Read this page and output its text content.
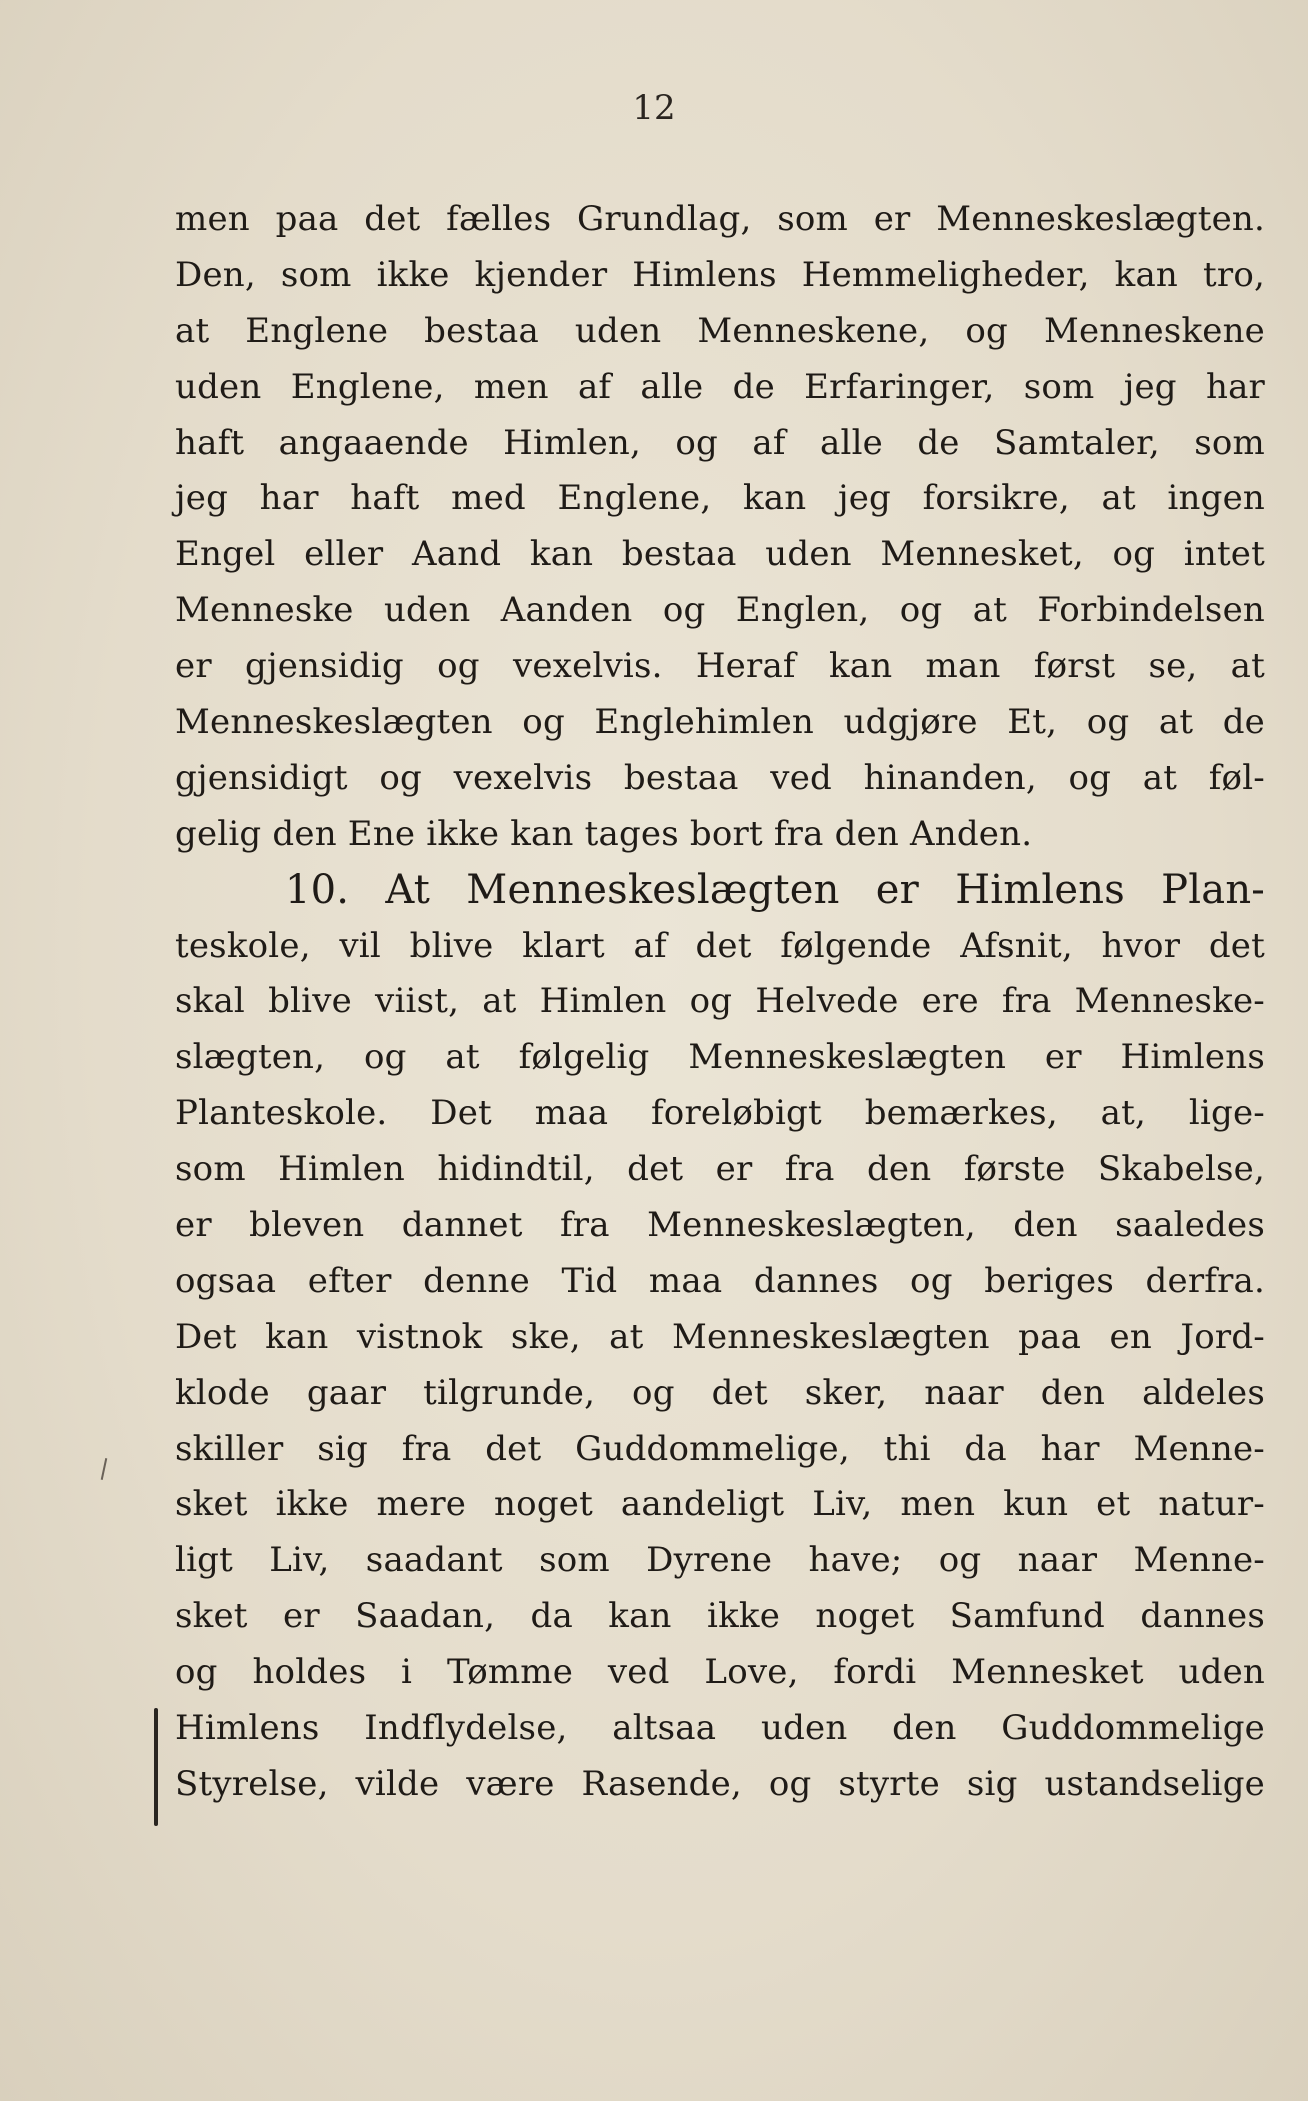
12
men paa det fælles Grundlag, som er Menneskeslægten.
Den, som ikke kjender Himlens Hemmeligheder, kan tro,
at Englene bestaa uden Menneskene, og Menneskene
uden Englene, men af alle de Erfaringer, som jeg har
haft angaaende Himlen, og af alle de Samtaler, som
jeg har haft med Englene, kan jeg forsikre, at ingen
Engel eller Aand kan bestaa uden Mennesket, og intet
Menneske uden Aanden og Englen, og at Forbindelsen
er gjensidig og vexelvis. Heraf kan man først se, at
Menneskeslægten og Englehimlen udgjøre Et, og at de
gjensidigt og vexelvis bestaa ved hinanden, og at føl-
gelig den Ene ikke kan tages bort fra den Anden.
10. At Menneskeslægten er Himlens Plan-
teskole, vil blive klart af det følgende Afsnit, hvor det
skal blive viist, at Himlen og Helvede ere fra Menneske-
slægten, og at følgelig Menneskeslægten er Himlens
Planteskole. Det maa foreløbigt bemærkes, at, lige-
som Himlen hidindtil, det er fra den første Skabelse,
er bleven dannet fra Menneskeslægten, den saaledes
ogsaa efter denne Tid maa dannes og beriges derfra.
Det kan vistnok ske, at Menneskeslægten paa en Jord-
klode gaar tilgrunde, og det sker, naar den aldeles
skiller sig fra det Guddommelige, thi da har Menne-
sket ikke mere noget aandeligt Liv, men kun et natur-
ligt Liv, saadant som Dyrene have; og naar Menne-
sket er Saadan, da kan ikke noget Samfund dannes
og holdes i Tømme ved Love, fordi Mennesket uden
Himlens Indflydelse, altsaa uden den Guddommelige
Styrelse, vilde være Rasende, og styrte sig ustandselige
